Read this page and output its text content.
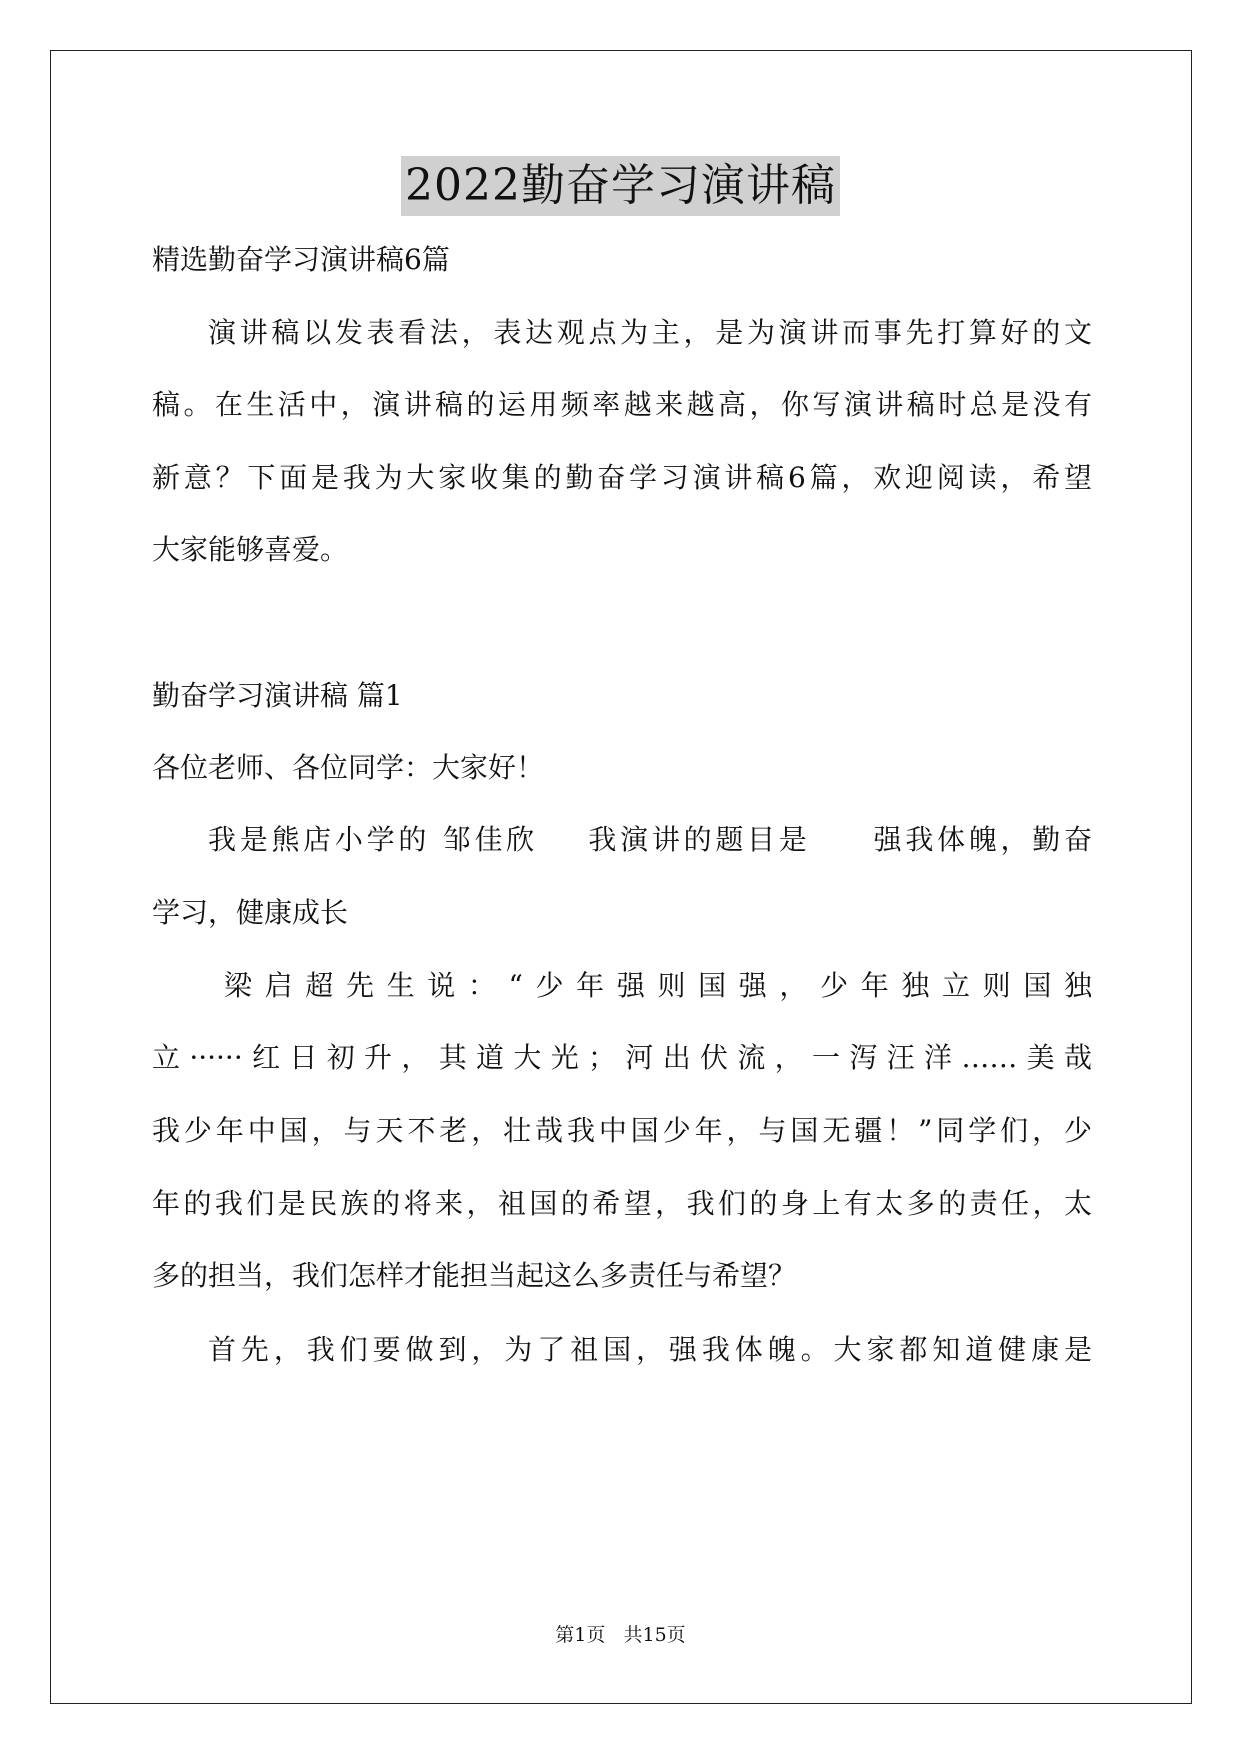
2022勤奋学习演讲稿
精选勤奋学习演讲稿6篇
演讲稿以发表看法，表达观点为主，是为演讲而事先打算好的文
稿。在生活中，演讲稿的运用频率越来越高，你写演讲稿时总是没有
新意？下面是我为大家收集的勤奋学习演讲稿6篇，欢迎阅读，希望
大家能够喜爱。
勤奋学习演讲稿 篇1
各位老师、各位同学：大家好！
我是熊店小学的 邹佳欣    我演讲的题目是     强我体魄，勤奋
学习，健康成长
梁启超先生说：“少年强则国强，少年独立则国独
立······红日初升，其道大光；河出伏流，一泻汪洋……美哉
我少年中国，与天不老，壮哉我中国少年，与国无疆！”同学们，少
年的我们是民族的将来，祖国的希望，我们的身上有太多的责任，太
多的担当，我们怎样才能担当起这么多责任与希望？
首先，我们要做到，为了祖国，强我体魄。大家都知道健康是
第1页   共15页
